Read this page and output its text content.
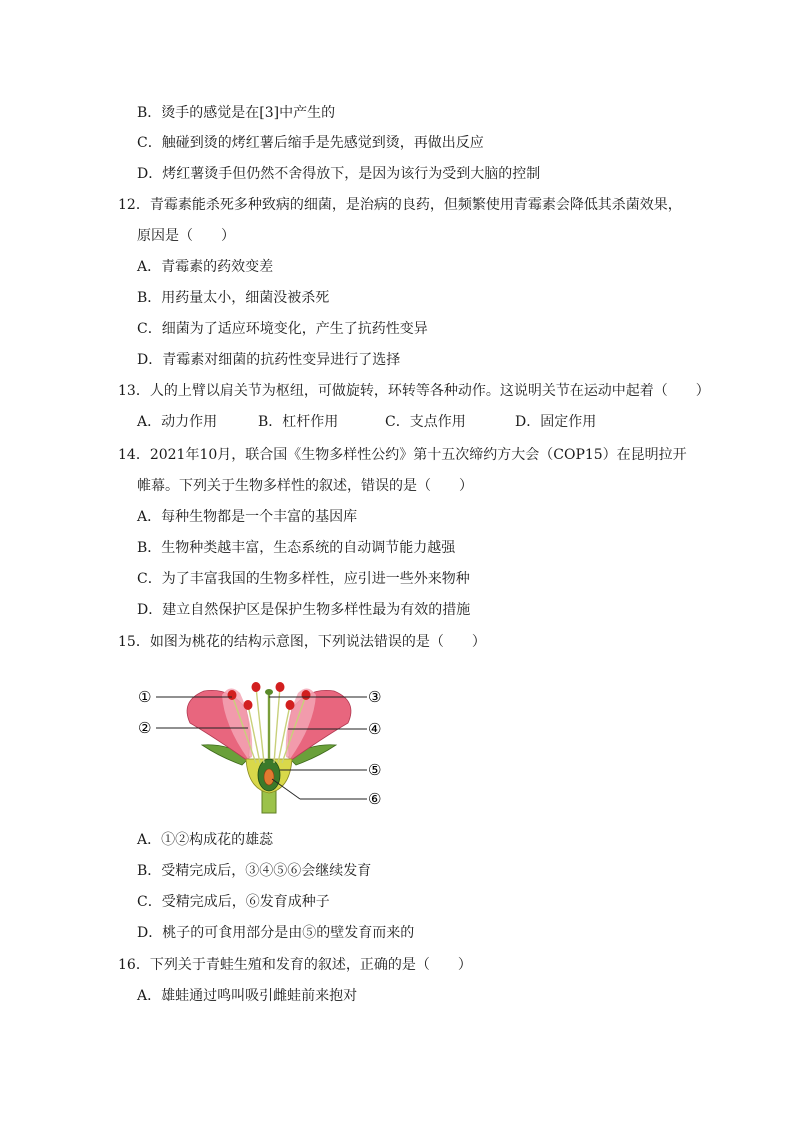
B．烫手的感觉是在[3]中产生的
C．触碰到烫的烤红薯后缩手是先感觉到烫，再做出反应
D．烤红薯烫手但仍然不舍得放下，是因为该行为受到大脑的控制
12．青霉素能杀死多种致病的细菌，是治病的良药，但频繁使用青霉素会降低其杀菌效果，
原因是（　　）
A．青霉素的药效变差
B．用药量太小，细菌没被杀死
C．细菌为了适应环境变化，产生了抗药性变异
D．青霉素对细菌的抗药性变异进行了选择
13．人的上臂以肩关节为枢纽，可做旋转，环转等各种动作。这说明关节在运动中起着（　　）
A．动力作用	B．杠杆作用	C．支点作用	D．固定作用
14．2021年10月，联合国《生物多样性公约》第十五次缔约方大会（COP15）在昆明拉开
帷幕。下列关于生物多样性的叙述，错误的是（　　）
A．每种生物都是一个丰富的基因库
B．生物种类越丰富，生态系统的自动调节能力越强
C．为了丰富我国的生物多样性，应引进一些外来物种
D．建立自然保护区是保护生物多样性最为有效的措施
15．如图为桃花的结构示意图，下列说法错误的是（　　）
①
②
③
④
⑤
⑥
A．①②构成花的雄蕊
B．受精完成后，③④⑤⑥会继续发育
C．受精完成后，⑥发育成种子
D．桃子的可食用部分是由⑤的壁发育而来的
16．下列关于青蛙生殖和发育的叙述，正确的是（　　）
A．雄蛙通过鸣叫吸引雌蛙前来抱对
